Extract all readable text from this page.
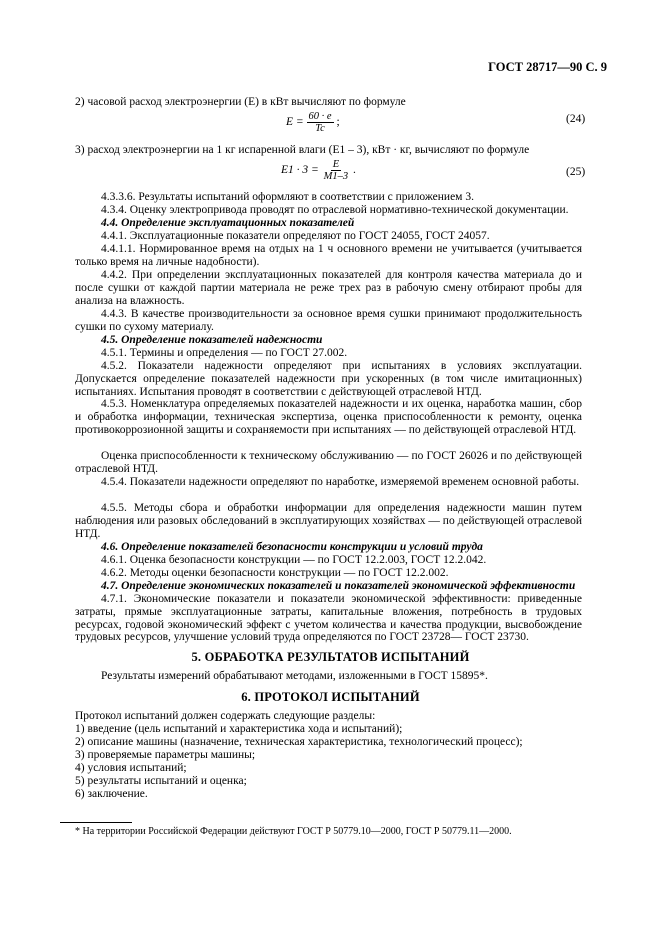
ГОСТ 28717—90 С. 9
2) часовой расход электроэнергии (E) в кВт вычисляют по формуле
$E = \frac{60 \cdot e}{Tc}$ ;	(24)
3) расход электроэнергии на 1 кг испаренной влаги (E1 – 3), кВт · кг, вычисляют по формуле
$E1 \cdot 3 = \frac{E}{M1-3}$ .	(25)
4.3.3.6. Результаты испытаний оформляют в соответствии с приложением 3.
4.3.4. Оценку электропривода проводят по отраслевой нормативно-технической документации.
4.4. Определение эксплуатационных показателей
4.4.1. Эксплуатационные показатели определяют по ГОСТ 24055, ГОСТ 24057.
4.4.1.1. Нормированное время на отдых на 1 ч основного времени не учитывается (учитывается только время на личные надобности).
4.4.2. При определении эксплуатационных показателей для контроля качества материала до и после сушки от каждой партии материала не реже трех раз в рабочую смену отбирают пробы для анализа на влажность.
4.4.3. В качестве производительности за основное время сушки принимают продолжительность сушки по сухому материалу.
4.5. Определение показателей надежности
4.5.1. Термины и определения — по ГОСТ 27.002.
4.5.2. Показатели надежности определяют при испытаниях в условиях эксплуатации. Допускается определение показателей надежности при ускоренных (в том числе имитационных) испытаниях. Испытания проводят в соответствии с действующей отраслевой НТД.
4.5.3. Номенклатура определяемых показателей надежности и их оценка, наработка машин, сбор и обработка информации, техническая экспертиза, оценка приспособленности к ремонту, оценка противокоррозионной защиты и сохраняемости при испытаниях — по действующей отраслевой НТД.
Оценка приспособленности к техническому обслуживанию — по ГОСТ 26026 и по действующей отраслевой НТД.
4.5.4. Показатели надежности определяют по наработке, измеряемой временем основной работы.
4.5.5. Методы сбора и обработки информации для определения надежности машин путем наблюдения или разовых обследований в эксплуатирующих хозяйствах — по действующей отраслевой НТД.
4.6. Определение показателей безопасности конструкции и условий труда
4.6.1. Оценка безопасности конструкции — по ГОСТ 12.2.003, ГОСТ 12.2.042.
4.6.2. Методы оценки безопасности конструкции — по ГОСТ 12.2.002.
4.7. Определение экономических показателей и показателей экономической эффективности
4.7.1. Экономические показатели и показатели экономической эффективности: приведенные затраты, прямые эксплуатационные затраты, капитальные вложения, потребность в трудовых ресурсах, годовой экономический эффект с учетом количества и качества продукции, высвобождение трудовых ресурсов, улучшение условий труда определяются по ГОСТ 23728— ГОСТ 23730.
5. ОБРАБОТКА РЕЗУЛЬТАТОВ ИСПЫТАНИЙ
Результаты измерений обрабатывают методами, изложенными в ГОСТ 15895*.
6. ПРОТОКОЛ ИСПЫТАНИЙ
Протокол испытаний должен содержать следующие разделы:
1) введение (цель испытаний и характеристика хода и испытаний);
2) описание машины (назначение, техническая характеристика, технологический процесс);
3) проверяемые параметры машины;
4) условия испытаний;
5) результаты испытаний и оценка;
6) заключение.
* На территории Российской Федерации действуют ГОСТ Р 50779.10—2000, ГОСТ Р 50779.11—2000.
